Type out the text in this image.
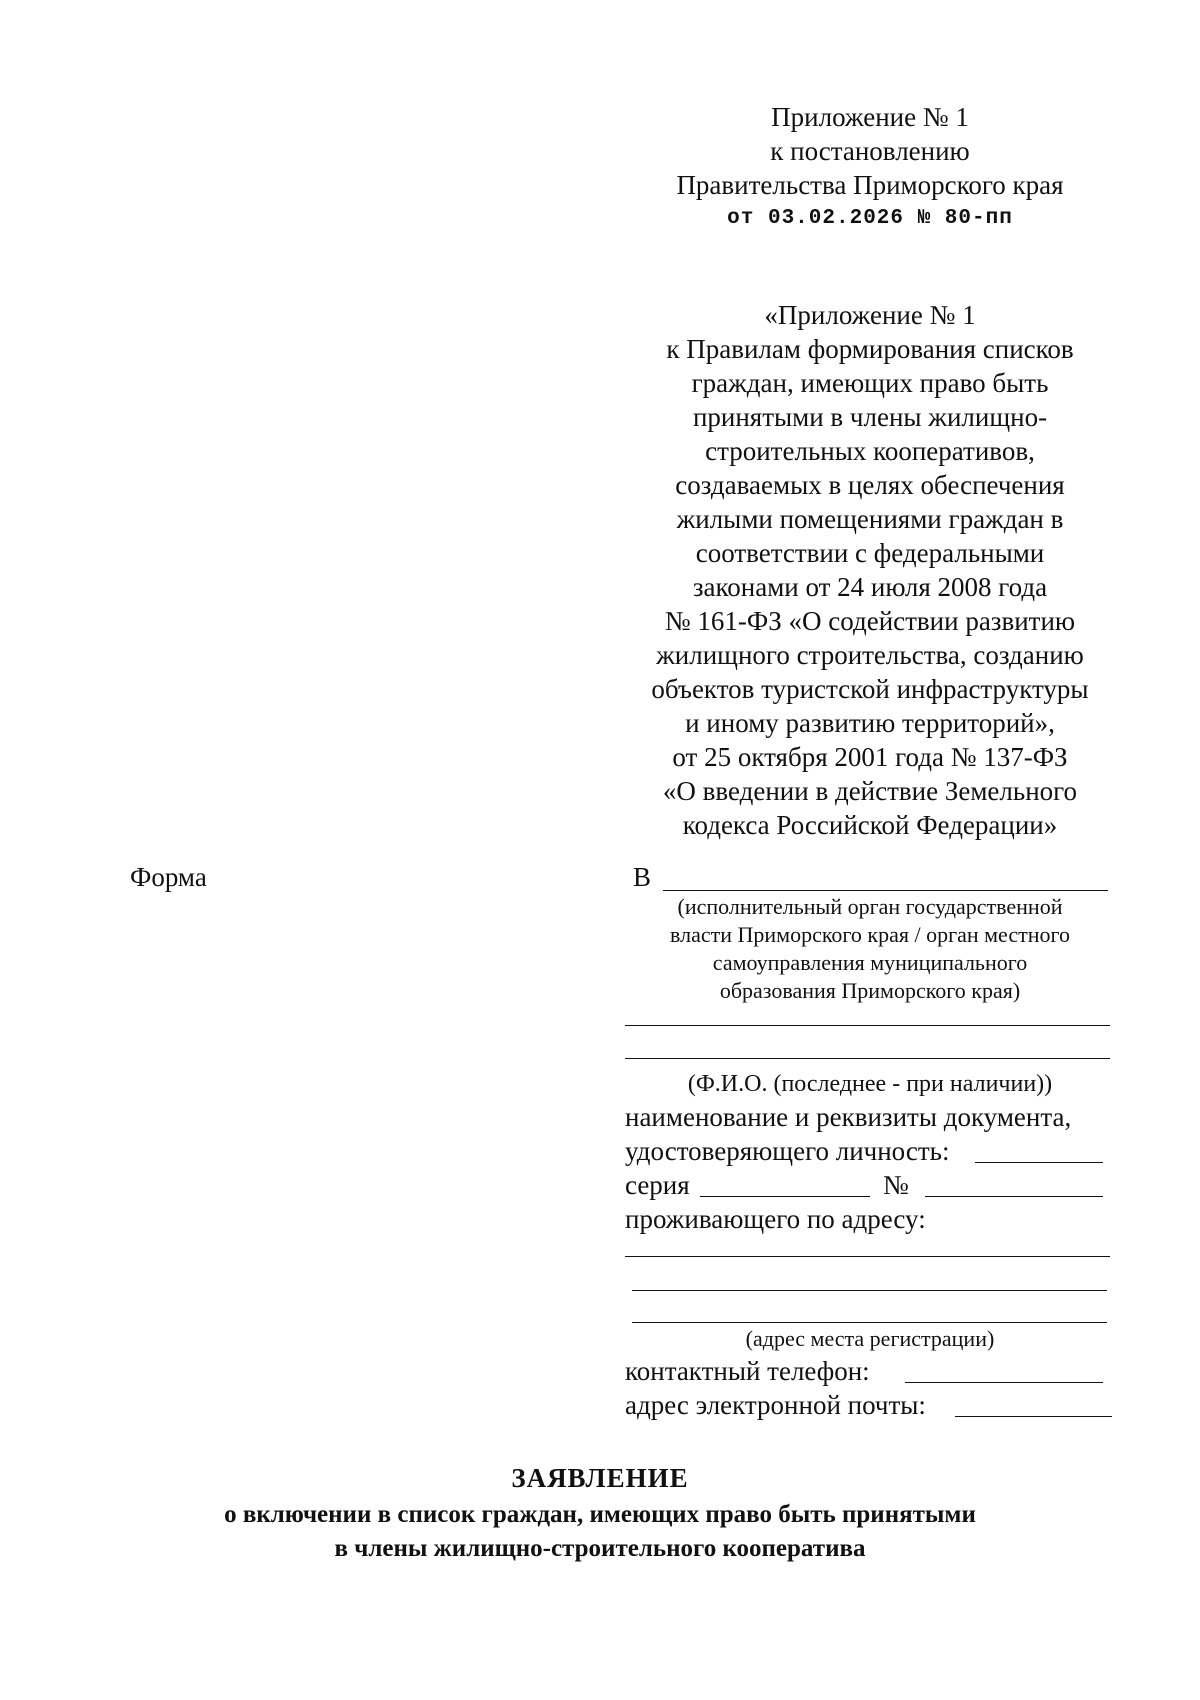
Приложение № 1
к постановлению
Правительства Приморского края
от 03.02.2026 № 80-пп
«Приложение № 1
к Правилам формирования списков
граждан, имеющих право быть
принятыми в члены жилищно-
строительных кооперативов,
создаваемых в целях обеспечения
жилыми помещениями граждан в
соответствии с федеральными
законами от 24 июля 2008 года
№ 161-ФЗ «О содействии развитию
жилищного строительства, созданию
объектов туристской инфраструктуры
и иному развитию территорий»,
от 25 октября 2001 года № 137-ФЗ
«О введении в действие Земельного
кодекса Российской Федерации»
Форма	В
(исполнительный орган государственной
власти Приморского края / орган местного
самоуправления муниципального
образования Приморского края)
(Ф.И.О. (последнее - при наличии))
наименование и реквизиты документа,
удостоверяющего личность:
серия	№
проживающего по адресу:
(адрес места регистрации)
контактный телефон:
адрес электронной почты:
ЗАЯВЛЕНИЕ
о включении в список граждан, имеющих право быть принятыми
в члены жилищно-строительного кооператива
